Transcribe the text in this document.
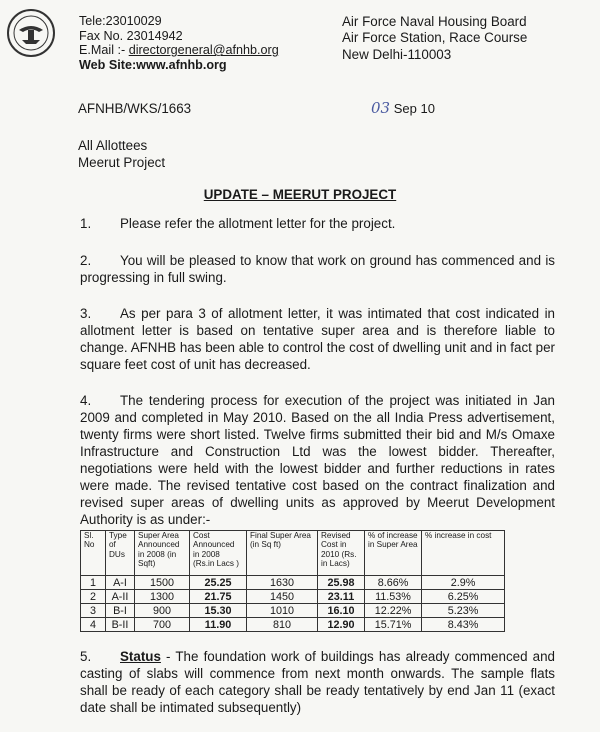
Tele:23010029
Fax No. 23014942
E.Mail :- directorgeneral@afnhb.org
Web Site:www.afnhb.org
Air Force Naval Housing Board
Air Force Station, Race Course
New Delhi-110003
AFNHB/WKS/1663	03 Sep 10
All Allottees
Meerut Project
UPDATE – MEERUT PROJECT
1. Please refer the allotment letter for the project.
2. You will be pleased to know that work on ground has commenced and is progressing in full swing.
3. As per para 3 of allotment letter, it was intimated that cost indicated in allotment letter is based on tentative super area and is therefore liable to change. AFNHB has been able to control the cost of dwelling unit and in fact per square feet cost of unit has decreased.
4. The tendering process for execution of the project was initiated in Jan 2009 and completed in May 2010. Based on the all India Press advertisement, twenty firms were short listed. Twelve firms submitted their bid and M/s Omaxe Infrastructure and Construction Ltd was the lowest bidder. Thereafter, negotiations were held with the lowest bidder and further reductions in rates were made. The revised tentative cost based on the contract finalization and revised super areas of dwelling units as approved by Meerut Development Authority is as under:-
Sl. No	Type of DUs	Super Area Announced in 2008 (in Sqft)	Cost Announced in 2008 (Rs.in Lacs )	Final Super Area (in Sq ft)	Revised Cost in 2010 (Rs. in Lacs)	% of increase in Super Area	% increase in cost
1	A-I	1500	25.25	1630	25.98	8.66%	2.9%
2	A-II	1300	21.75	1450	23.11	11.53%	6.25%
3	B-I	900	15.30	1010	16.10	12.22%	5.23%
4	B-II	700	11.90	810	12.90	15.71%	8.43%
5. Status - The foundation work of buildings has already commenced and casting of slabs will commence from next month onwards. The sample flats shall be ready of each category shall be ready tentatively by end Jan 11 (exact date shall be intimated subsequently)
